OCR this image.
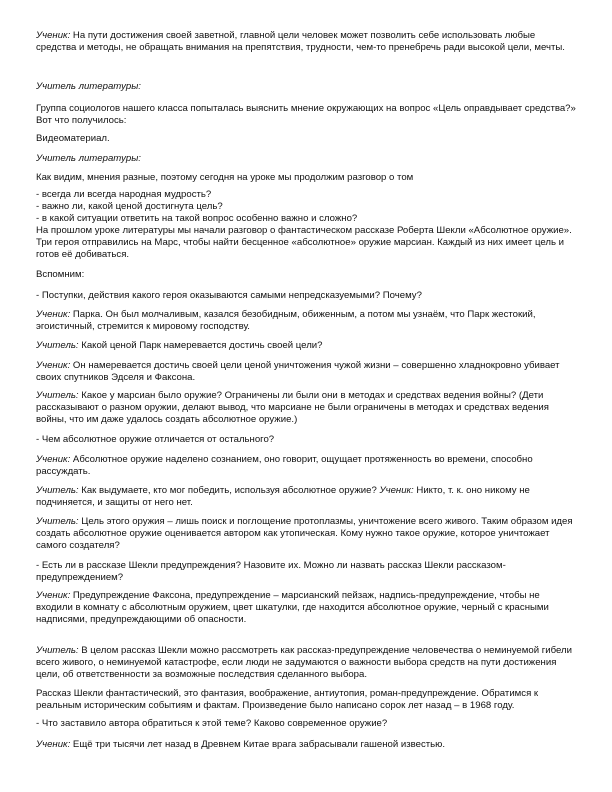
Ученик: На пути достижения своей заветной, главной цели человек может позволить себе использовать любые средства и методы, не обращать внимания на препятствия, трудности, чем-то пренебречь ради высокой цели, мечты.

Учитель литературы:

Группа социологов нашего класса попыталась выяснить мнение окружающих на вопрос «Цель оправдывает средства?» Вот что получилось:

Видеоматериал.

Учитель литературы:

Как видим, мнения разные, поэтому сегодня на уроке мы продолжим разговор о том

- всегда ли всегда народная мудрость?

- важно ли, какой ценой достигнута цель?

- в какой ситуации ответить на такой вопрос особенно важно и сложно?

На прошлом уроке литературы мы начали разговор о фантастическом рассказе Роберта Шекли «Абсолютное оружие». Три героя отправились на Марс, чтобы найти бесценное «абсолютное» оружие марсиан. Каждый из них имеет цель и готов её добиваться.

Вспомним:

- Поступки, действия какого героя оказываются самыми непредсказуемыми? Почему?

Ученик: Парка. Он был молчаливым, казался безобидным, обиженным, а потом мы узнаём, что Парк жестокий, эгоистичный, стремится к мировому господству.

Учитель: Какой ценой Парк намеревается достичь своей цели?

Ученик: Он намеревается достичь своей цели ценой уничтожения чужой жизни – совершенно хладнокровно убивает своих спутников Эдселя и Факсона.

Учитель: Какое у марсиан было оружие? Ограничены ли были они в методах и средствах ведения войны? (Дети рассказывают о разном оружии, делают вывод, что марсиане не были ограничены в методах и средствах ведения войны, что им даже удалось создать абсолютное оружие.)

- Чем абсолютное оружие отличается от остального?

Ученик: Абсолютное оружие наделено сознанием, оно говорит, ощущает протяженность во времени, способно рассуждать.

Учитель: Как выдумаете, кто мог победить, используя абсолютное оружие? Ученик: Никто, т. к. оно никому не подчиняется, и защиты от него нет.

Учитель: Цель этого оружия – лишь поиск и поглощение протоплазмы, уничтожение всего живого. Таким образом идея создать абсолютное оружие оценивается автором как утопическая. Кому нужно такое оружие, которое уничтожает самого создателя?

- Есть ли в рассказе Шекли предупреждения? Назовите их. Можно ли назвать рассказ Шекли рассказом-предупреждением?

Ученик: Предупреждение Факсона, предупреждение – марсианский пейзаж, надпись-предупреждение, чтобы не входили в комнату с абсолютным оружием, цвет шкатулки, где находится абсолютное оружие, черный с красными надписями, предупреждающими об опасности.

Учитель: В целом рассказ Шекли можно рассмотреть как рассказ-предупреждение человечества о неминуемой гибели всего живого, о неминуемой катастрофе, если люди не задумаются о важности выбора средств на пути достижения цели, об ответственности за возможные последствия сделанного выбора.

Рассказ Шекли фантастический, это фантазия, воображение, антиутопия, роман-предупреждение. Обратимся к реальным историческим событиям и фактам. Произведение было написано сорок лет назад – в 1968 году.

- Что заставило автора обратиться к этой теме? Каково современное оружие?

Ученик: Ещё три тысячи лет назад в Древнем Китае врага забрасывали гашеной известью.
